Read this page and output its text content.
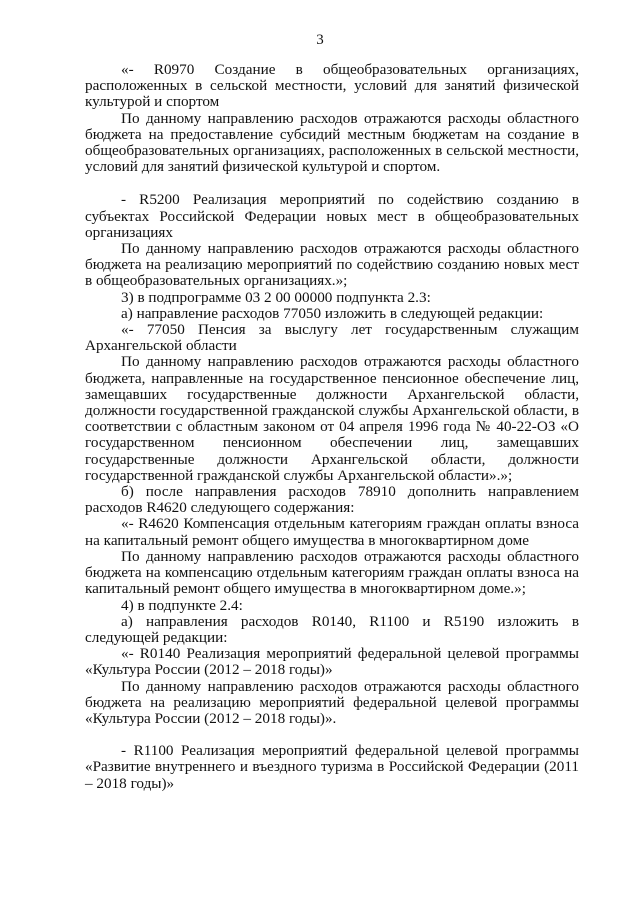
3

«- R0970 Создание в общеобразовательных организациях, расположенных в сельской местности, условий для занятий физической культурой и спортом

По данному направлению расходов отражаются расходы областного бюджета на предоставление субсидий местным бюджетам на создание в общеобразовательных организациях, расположенных в сельской местности, условий для занятий физической культурой и спортом.

- R5200 Реализация мероприятий по содействию созданию в субъектах Российской Федерации новых мест в общеобразовательных организациях

По данному направлению расходов отражаются расходы областного бюджета на реализацию мероприятий по содействию созданию новых мест в общеобразовательных организациях.»;

3) в подпрограмме 03 2 00 00000 подпункта 2.3:

а) направление расходов 77050 изложить в следующей редакции:

«- 77050 Пенсия за выслугу лет государственным служащим Архангельской области

По данному направлению расходов отражаются расходы областного бюджета, направленные на государственное пенсионное обеспечение лиц, замещавших государственные должности Архангельской области, должности государственной гражданской службы Архангельской области, в соответствии с областным законом от 04 апреля 1996 года № 40-22-ОЗ «О государственном пенсионном обеспечении лиц, замещавших государственные должности Архангельской области, должности государственной гражданской службы Архангельской области».»;

б) после направления расходов 78910 дополнить направлением расходов R4620 следующего содержания:

«- R4620 Компенсация отдельным категориям граждан оплаты взноса на капитальный ремонт общего имущества в многоквартирном доме

По данному направлению расходов отражаются расходы областного бюджета на компенсацию отдельным категориям граждан оплаты взноса на капитальный ремонт общего имущества в многоквартирном доме.»;

4) в подпункте 2.4:

а) направления расходов R0140, R1100 и R5190 изложить в следующей редакции:

«- R0140 Реализация мероприятий федеральной целевой программы «Культура России (2012 – 2018 годы)»

По данному направлению расходов отражаются расходы областного бюджета на реализацию мероприятий федеральной целевой программы «Культура России (2012 – 2018 годы)».

- R1100 Реализация мероприятий федеральной целевой программы «Развитие внутреннего и въездного туризма в Российской Федерации (2011 – 2018 годы)»
